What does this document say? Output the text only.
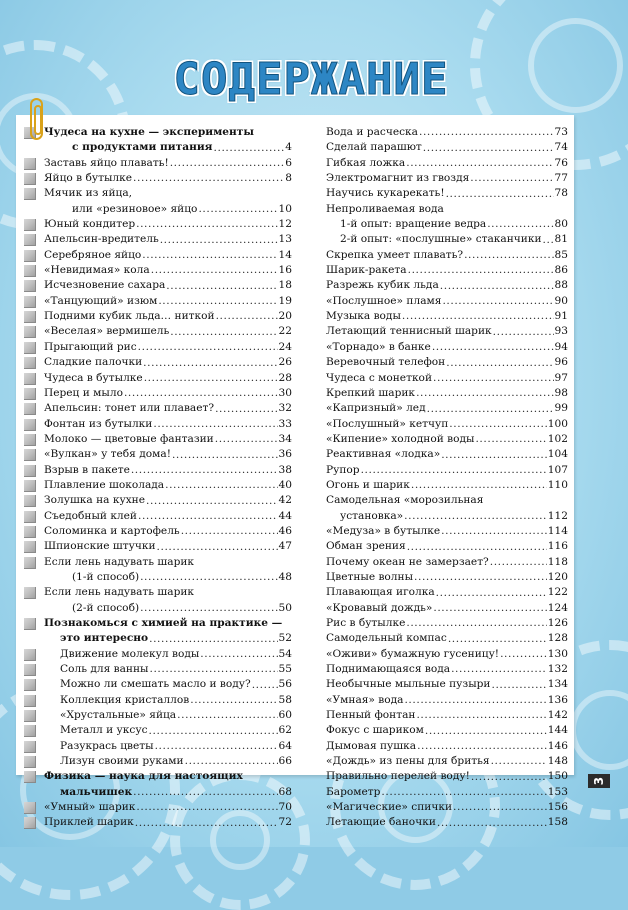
СОДЕРЖАНИЕ
Чудеса на кухне — эксперименты
с продуктами питания .....	4
Заставь яйцо плавать! .....	6
Яйцо в бутылке .....	8
Мячик из яйца,
или «резиновое» яйцо .....	10
Юный кондитер .....	12
Апельсин-вредитель .....	13
Серебряное яйцо .....	14
«Невидимая» кола .....	16
Исчезновение сахара .....	18
«Танцующий» изюм .....	19
Подними кубик льда… ниткой .....	20
«Веселая» вермишель .....	22
Прыгающий рис .....	24
Сладкие палочки .....	26
Чудеса в бутылке .....	28
Перец и мыло .....	30
Апельсин: тонет или плавает? .....	32
Фонтан из бутылки .....	33
Молоко — цветовые фантазии .....	34
«Вулкан» у тебя дома! .....	36
Взрыв в пакете .....	38
Плавление шоколада .....	40
Золушка на кухне .....	42
Съедобный клей .....	44
Соломинка и картофель .....	46
Шпионские штучки .....	47
Если лень надувать шарик
(1-й способ) .....	48
Если лень надувать шарик
(2-й способ) .....	50
Познакомься с химией на практике —
это интересно .....	52
Движение молекул воды .....	54
Соль для ванны .....	55
Можно ли смешать масло и воду? .....	56
Коллекция кристаллов .....	58
«Хрустальные» яйца .....	60
Металл и уксус .....	62
Разукрась цветы .....	64
Лизун своими руками .....	66
Физика — наука для настоящих
мальчишек .....	68
«Умный» шарик .....	70
Приклей шарик .....	72
Вода и расческа .....	73
Сделай парашют .....	74
Гибкая ложка .....	76
Электромагнит из гвоздя .....	77
Научись кукарекать! .....	78
Непроливаемая вода
1-й опыт: вращение ведра .....	80
2-й опыт: «послушные» стаканчики ..... 81
Скрепка умеет плавать? .....	85
Шарик-ракета .....	86
Разрежь кубик льда .....	88
«Послушное» пламя .....	90
Музыка воды .....	91
Летающий теннисный шарик .....	93
«Торнадо» в банке .....	94
Веревочный телефон .....	96
Чудеса с монеткой .....	97
Крепкий шарик .....	98
«Капризный» лед .....	99
«Послушный» кетчуп .....	100
«Кипение» холодной воды .....	102
Реактивная «лодка» .....	104
Рупор .....	107
Огонь и шарик .....	110
Самодельная «морозильная
установка» .....	112
«Медуза» в бутылке .....	114
Обман зрения .....	116
Почему океан не замерзает? .....	118
Цветные волны .....	120
Плавающая иголка .....	122
«Кровавый дождь» .....	124
Рис в бутылке .....	126
Самодельный компас .....	128
«Оживи» бумажную гусеницу! .....	130
Поднимающаяся вода .....	132
Необычные мыльные пузыри .....	134
«Умная» вода .....	136
Пенный фонтан .....	142
Фокус с шариком .....	144
Дымовая пушка .....	146
«Дождь» из пены для бритья .....	148
Правильно перелей воду! .....	150
Барометр .....	153
«Магические» спички .....	156
Летающие баночки .....	158
3
